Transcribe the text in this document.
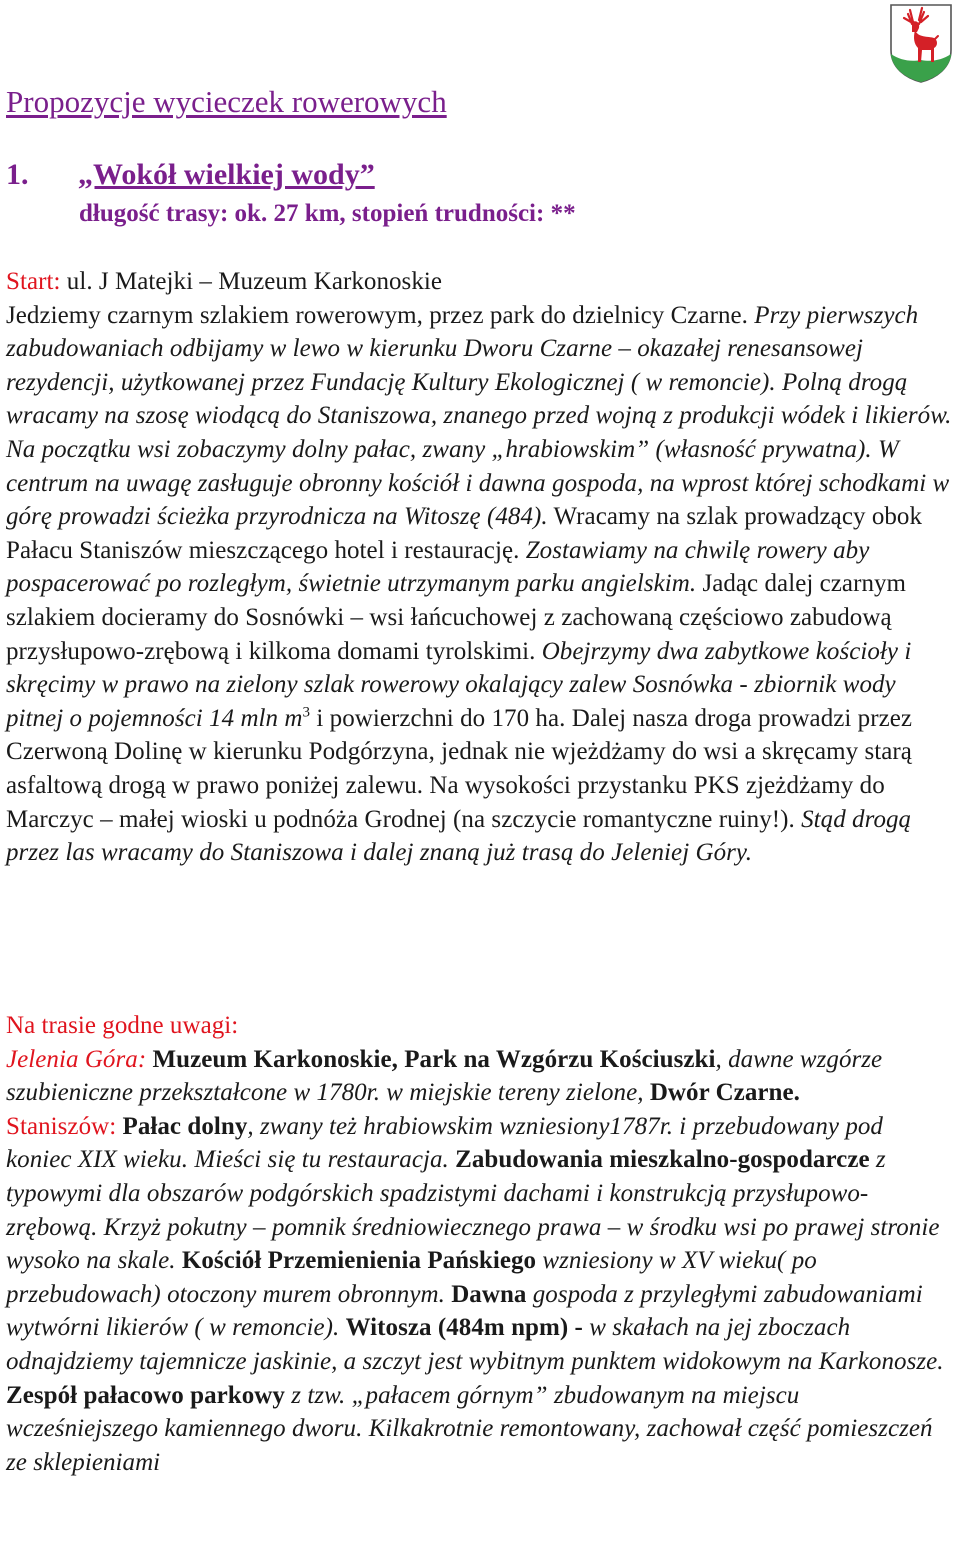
Propozycje wycieczek rowerowych
1. „Wokół wielkiej wody”
długość trasy: ok. 27 km, stopień trudności: **

Start: ul. J Matejki – Muzeum Karkonoskie
Jedziemy czarnym szlakiem rowerowym, przez park do dzielnicy Czarne. Przy pierwszych zabudowaniach odbijamy w lewo w kierunku Dworu Czarne – okazałej renesansowej rezydencji, użytkowanej przez Fundację Kultury Ekologicznej ( w remoncie). Polną drogą wracamy na szosę wiodącą do Staniszowa, znanego przed wojną z produkcji wódek i likierów. Na początku wsi zobaczymy dolny pałac, zwany „hrabiowskim” (własność prywatna). W centrum na uwagę zasługuje obronny kościół i dawna gospoda, na wprost której schodkami w górę prowadzi ścieżka przyrodnicza na Witoszę (484). Wracamy na szlak prowadzący obok Pałacu Staniszów mieszczącego hotel i restaurację. Zostawiamy na chwilę rowery aby pospacerować po rozległym, świetnie utrzymanym parku angielskim. Jadąc dalej czarnym szlakiem docieramy do Sosnówki – wsi łańcuchowej z zachowaną częściowo zabudową przysłupowo-zrębową i kilkoma domami tyrolskimi. Obejrzymy dwa zabytkowe kościoły i skręcimy w prawo na zielony szlak rowerowy okalający zalew Sosnówka - zbiornik wody pitnej o pojemności 14 mln $m^3$ i powierzchni do 170 ha. Dalej nasza droga prowadzi przez Czerwoną Dolinę w kierunku Podgórzyna, jednak nie wjeżdżamy do wsi a skręcamy starą asfaltową drogą w prawo poniżej zalewu. Na wysokości przystanku PKS zjeżdżamy do Marczyc – małej wioski u podnóża Grodnej (na szczycie romantyczne ruiny!). Stąd drogą przez las wracamy do Staniszowa i dalej znaną już trasą do Jeleniej Góry.

Na trasie godne uwagi:
Jelenia Góra: Muzeum Karkonoskie, Park na Wzgórzu Kościuszki, dawne wzgórze szubieniczne przekształcone w 1780r. w miejskie tereny zielone, Dwór Czarne.
Staniszów: Pałac dolny, zwany też hrabiowskim wzniesiony1787r. i przebudowany pod koniec XIX wieku. Mieści się tu restauracja. Zabudowania mieszkalno-gospodarcze z typowymi dla obszarów podgórskich spadzistymi dachami i konstrukcją przysłupowo-zrębową. Krzyż pokutny – pomnik średniowiecznego prawa – w środku wsi po prawej stronie wysoko na skale. Kościół Przemienienia Pańskiego wzniesiony w XV wieku( po przebudowach) otoczony murem obronnym. Dawna gospoda z przyległymi zabudowaniami wytwórni likierów ( w remoncie). Witosza (484m npm) - w skałach na jej zboczach odnajdziemy tajemnicze jaskinie, a szczyt jest wybitnym punktem widokowym na Karkonosze. Zespół pałacowo parkowy z tzw. „pałacem górnym” zbudowanym na miejscu wcześniejszego kamiennego dworu. Kilkakrotnie remontowany, zachował część pomieszczeń ze sklepieniami
